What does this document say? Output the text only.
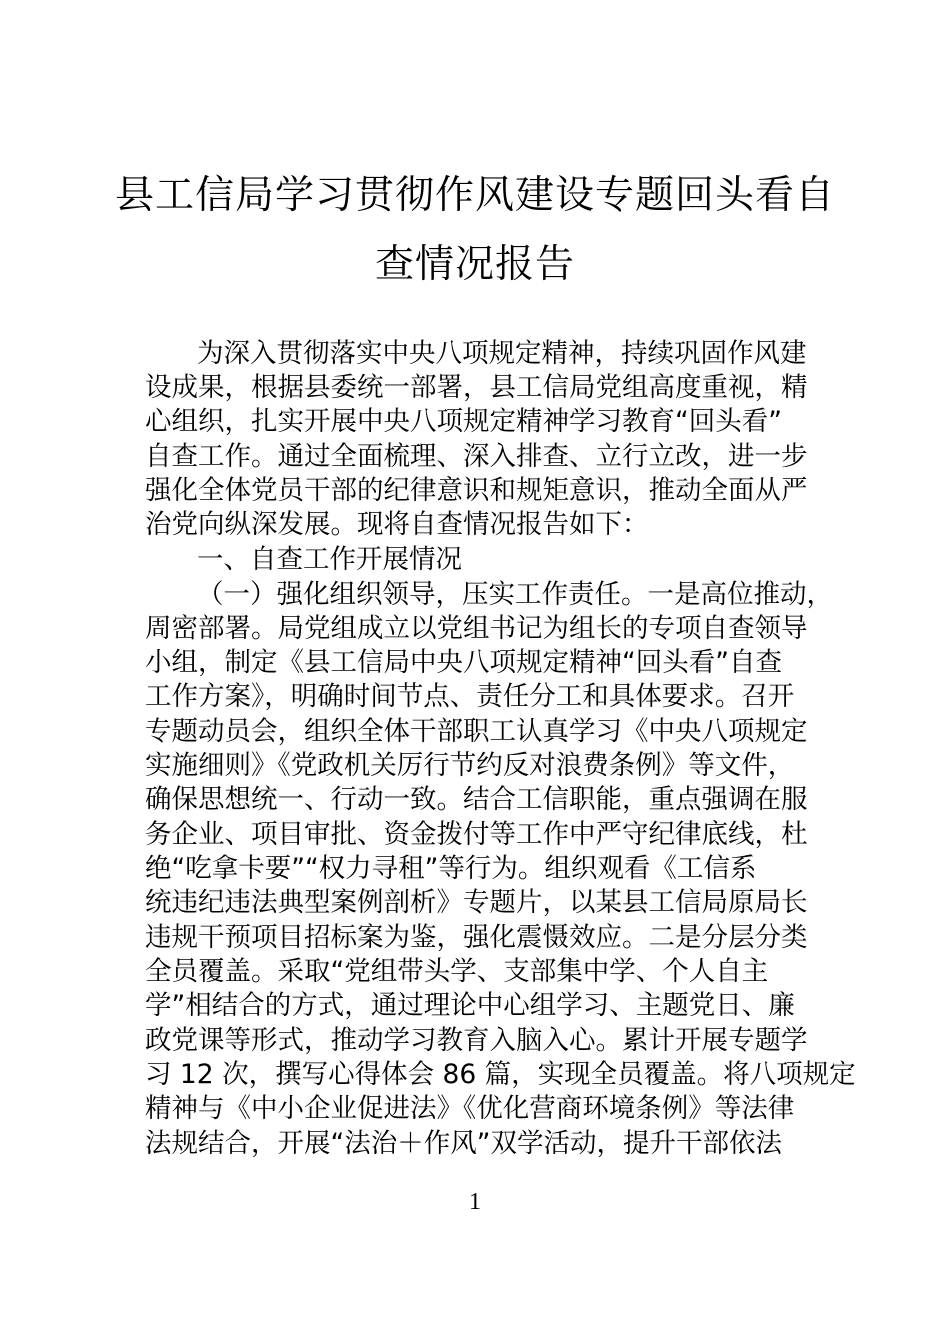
县工信局学习贯彻作风建设专题回头看自
查情况报告
为深入贯彻落实中央八项规定精神，持续巩固作风建
设成果，根据县委统一部署，县工信局党组高度重视，精
心组织，扎实开展中央八项规定精神学习教育“回头看”
自查工作。通过全面梳理、深入排查、立行立改，进一步
强化全体党员干部的纪律意识和规矩意识，推动全面从严
治党向纵深发展。现将自查情况报告如下：
一、自查工作开展情况
（一）强化组织领导，压实工作责任。一是高位推动，
周密部署。局党组成立以党组书记为组长的专项自查领导
小组，制定《县工信局中央八项规定精神“回头看”自查
工作方案》，明确时间节点、责任分工和具体要求。召开
专题动员会，组织全体干部职工认真学习《中央八项规定
实施细则》《党政机关厉行节约反对浪费条例》等文件，
确保思想统一、行动一致。结合工信职能，重点强调在服
务企业、项目审批、资金拨付等工作中严守纪律底线，杜
绝“吃拿卡要”“权力寻租”等行为。组织观看《工信系
统违纪违法典型案例剖析》专题片，以某县工信局原局长
违规干预项目招标案为鉴，强化震慑效应。二是分层分类
全员覆盖。采取“党组带头学、支部集中学、个人自主
学”相结合的方式，通过理论中心组学习、主题党日、廉
政党课等形式，推动学习教育入脑入心。累计开展专题学
习 12 次，撰写心得体会 86 篇，实现全员覆盖。将八项规定
精神与《中小企业促进法》《优化营商环境条例》等法律
法规结合，开展“法治＋作风”双学活动，提升干部依法
1
